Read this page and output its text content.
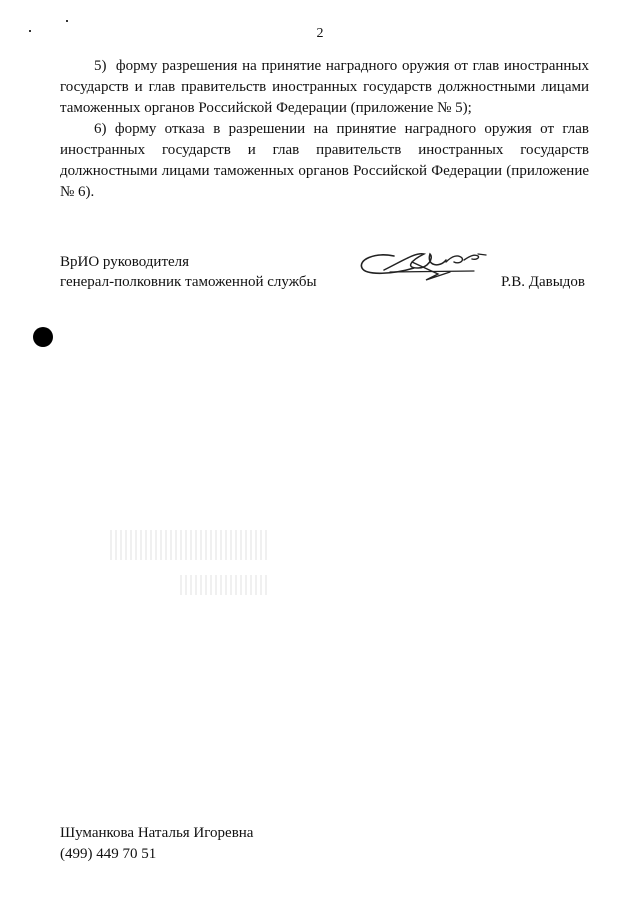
2

5)  форму разрешения на принятие наградного оружия от глав иностранных государств и глав правительств иностранных государств должностными лицами таможенных органов Российской Федерации (приложение № 5);

6) форму отказа в разрешении на принятие наградного оружия от глав иностранных государств и глав правительств иностранных государств должностными лицами таможенных органов Российской Федерации (приложение № 6).

ВрИО руководителя
генерал-полковник таможенной службы	Р.В. Давыдов
Шуманкова Наталья Игоревна
(499) 449 70 51
